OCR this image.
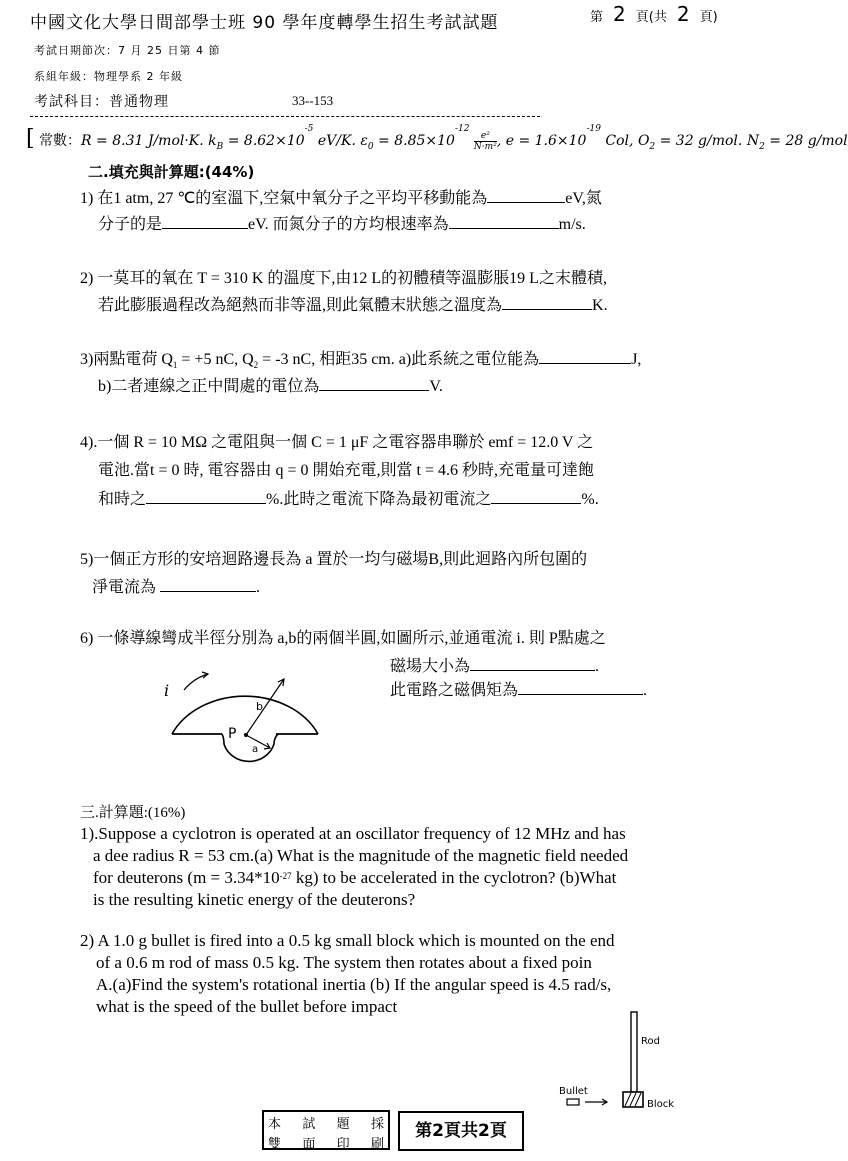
中國文化大學日間部學士班 90 學年度轉學生招生考試試題	第 2 頁(共 2 頁)
考試日期節次：7 月 25 日第 4 節
系組年級：物理學系 2 年級
考試科目：普通物理	33--153
[ 常數：R = 8.31 J/mol·K. $k_B = 8.62\times 10^{-5}$ eV/K. $\varepsilon_0 = 8.85\times 10^{-12}$
$\frac{\text{e²}}{\text{N·m²}}$ , $e = 1.6\times 10^{-19}$ Col, $O_2 = 32$ g/mol. $N_2 = 28$ g/mol
二.填充與計算題:(44%)
1) 在1 atm, 27 ℃的室溫下,空氣中氧分子之平均平移動能為	eV,氮
分子的是	eV. 而氮分子的方均根速率為	m/s.
2) 一莫耳的氧在 T = 310 K 的溫度下,由12 L的初體積等溫膨脹19 L之末體積,
若此膨脹過程改為絕熱而非等溫,則此氣體末狀態之溫度為	K.
3)兩點電荷 $Q_1 = +5$ nC, $Q_2 = -3$ nC, 相距35 cm. a)此系統之電位能為	J,
b)二者連線之正中間處的電位為	V.
4).一個 R = 10 MΩ 之電阻與一個 C = 1 μF 之電容器串聯於 emf = 12.0 V 之
電池.當t = 0 時, 電容器由 q = 0 開始充電,則當 t = 4.6 秒時,充電量可達飽
和時之	%.此時之電流下降為最初電流之	%.
5)一個正方形的安培迴路邊長為 a 置於一均勻磁場B,則此迴路內所包圍的
淨電流為	.
6) 一條導線彎成半徑分別為 a,b的兩個半圓,如圖所示,並通電流 i. 則 P點處之
磁場大小為	.
此電路之磁偶矩為	.
i
P
b
a
三.計算題:(16%)
1).Suppose a cyclotron is operated at an oscillator frequency of 12 MHz and has
a dee radius R = 53 cm.(a) What is the magnitude of the magnetic field needed
for deuterons ($m = 3.34*10^{-27}$ kg) to be accelerated in the cyclotron? (b)What
is the resulting kinetic energy of the deuterons?
2) A 1.0 g bullet is fired into a 0.5 kg small block which is mounted on the end
of a 0.6 m rod of mass 0.5 kg. The system then rotates about a fixed poin
A.(a)Find the system's rotational inertia (b) If the angular speed is 4.5 rad/s,
what is the speed of the bullet before impact
Rod
Bullet
Block
本 試 題 採
雙 面 印 刷
第2頁共2頁
